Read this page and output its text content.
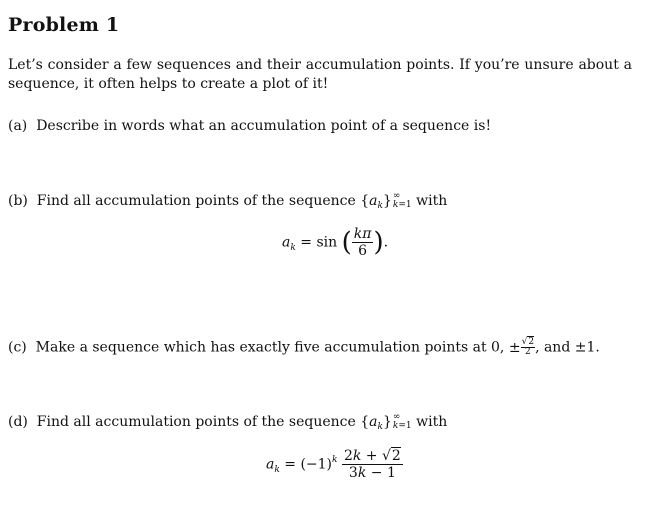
Problem 1
Let’s consider a few sequences and their accumulation points. If you’re unsure about a sequence, it often helps to create a plot of it!
(a) Describe in words what an accumulation point of a sequence is!
(b) Find all accumulation points of the sequence $\{a_k\}$ ∞
k=1 with
$a_k = \sin$ ( $\frac{k\pi}{6}$ ).
(c) Make a sequence which has exactly five accumulation points at 0, ± $\frac{√2}{2}$ , and ±1.
(d) Find all accumulation points of the sequence $\{a_k\}$ ∞
k=1 with
$a_k = (-1)^k \frac{2k + √2}{3k - 1}$
